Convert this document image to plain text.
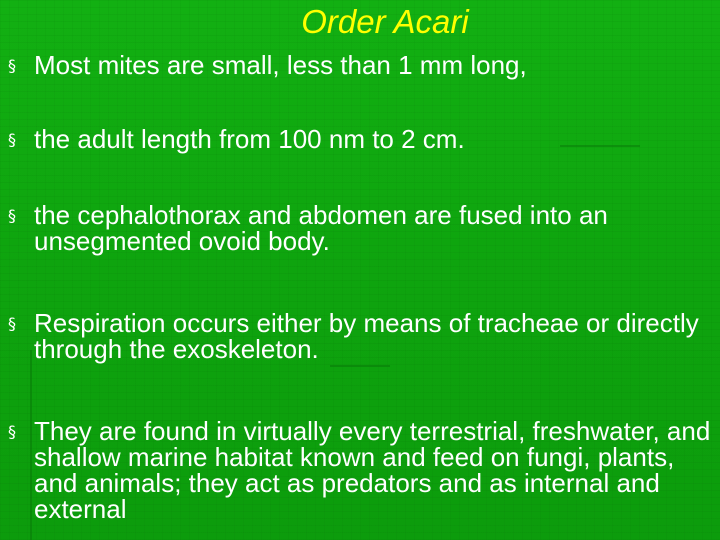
Order Acari
§ Most mites are small, less than 1 mm long,
§ the adult length from 100 nm to 2 cm.
§ the cephalothorax and abdomen are fused into an unsegmented ovoid body.
§ Respiration occurs either by means of tracheae or directly through the exoskeleton.
§ They are found in virtually every terrestrial, freshwater, and shallow marine habitat known and feed on fungi, plants, and animals; they act as predators and as internal and external
